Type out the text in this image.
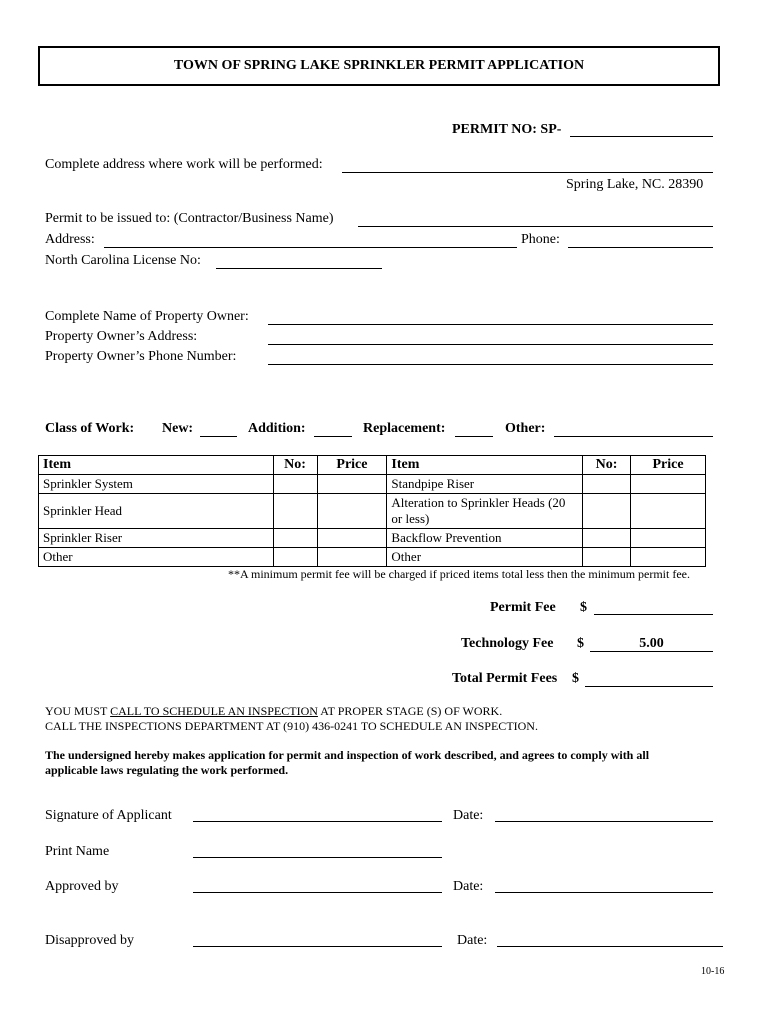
TOWN OF SPRING LAKE SPRINKLER PERMIT APPLICATION
PERMIT NO: SP-
Complete address where work will be performed:
Spring Lake, NC. 28390
Permit to be issued to: (Contractor/Business Name)
Address:	Phone:
North Carolina License No:
Complete Name of Property Owner:
Property Owner’s Address:
Property Owner’s Phone Number:
Class of Work: New:	Addition:	Replacement:	Other:
Item	No:	Price	Item	No:	Price
Sprinkler System			Standpipe Riser		
Sprinkler Head			Alteration to Sprinkler Heads (20 or less)		
Sprinkler Riser			Backflow Prevention		
Other			Other		
**A minimum permit fee will be charged if priced items total less then the minimum permit fee.
Permit Fee $
Technology Fee $	5.00
Total Permit Fees $
YOU MUST CALL TO SCHEDULE AN INSPECTION AT PROPER STAGE (S) OF WORK.
CALL THE INSPECTIONS DEPARTMENT AT (910) 436-0241 TO SCHEDULE AN INSPECTION.
The undersigned hereby makes application for permit and inspection of work described, and agrees to comply with all
applicable laws regulating the work performed.
Signature of Applicant	Date:
Print Name
Approved by	Date:
Disapproved by	Date:
10-16
